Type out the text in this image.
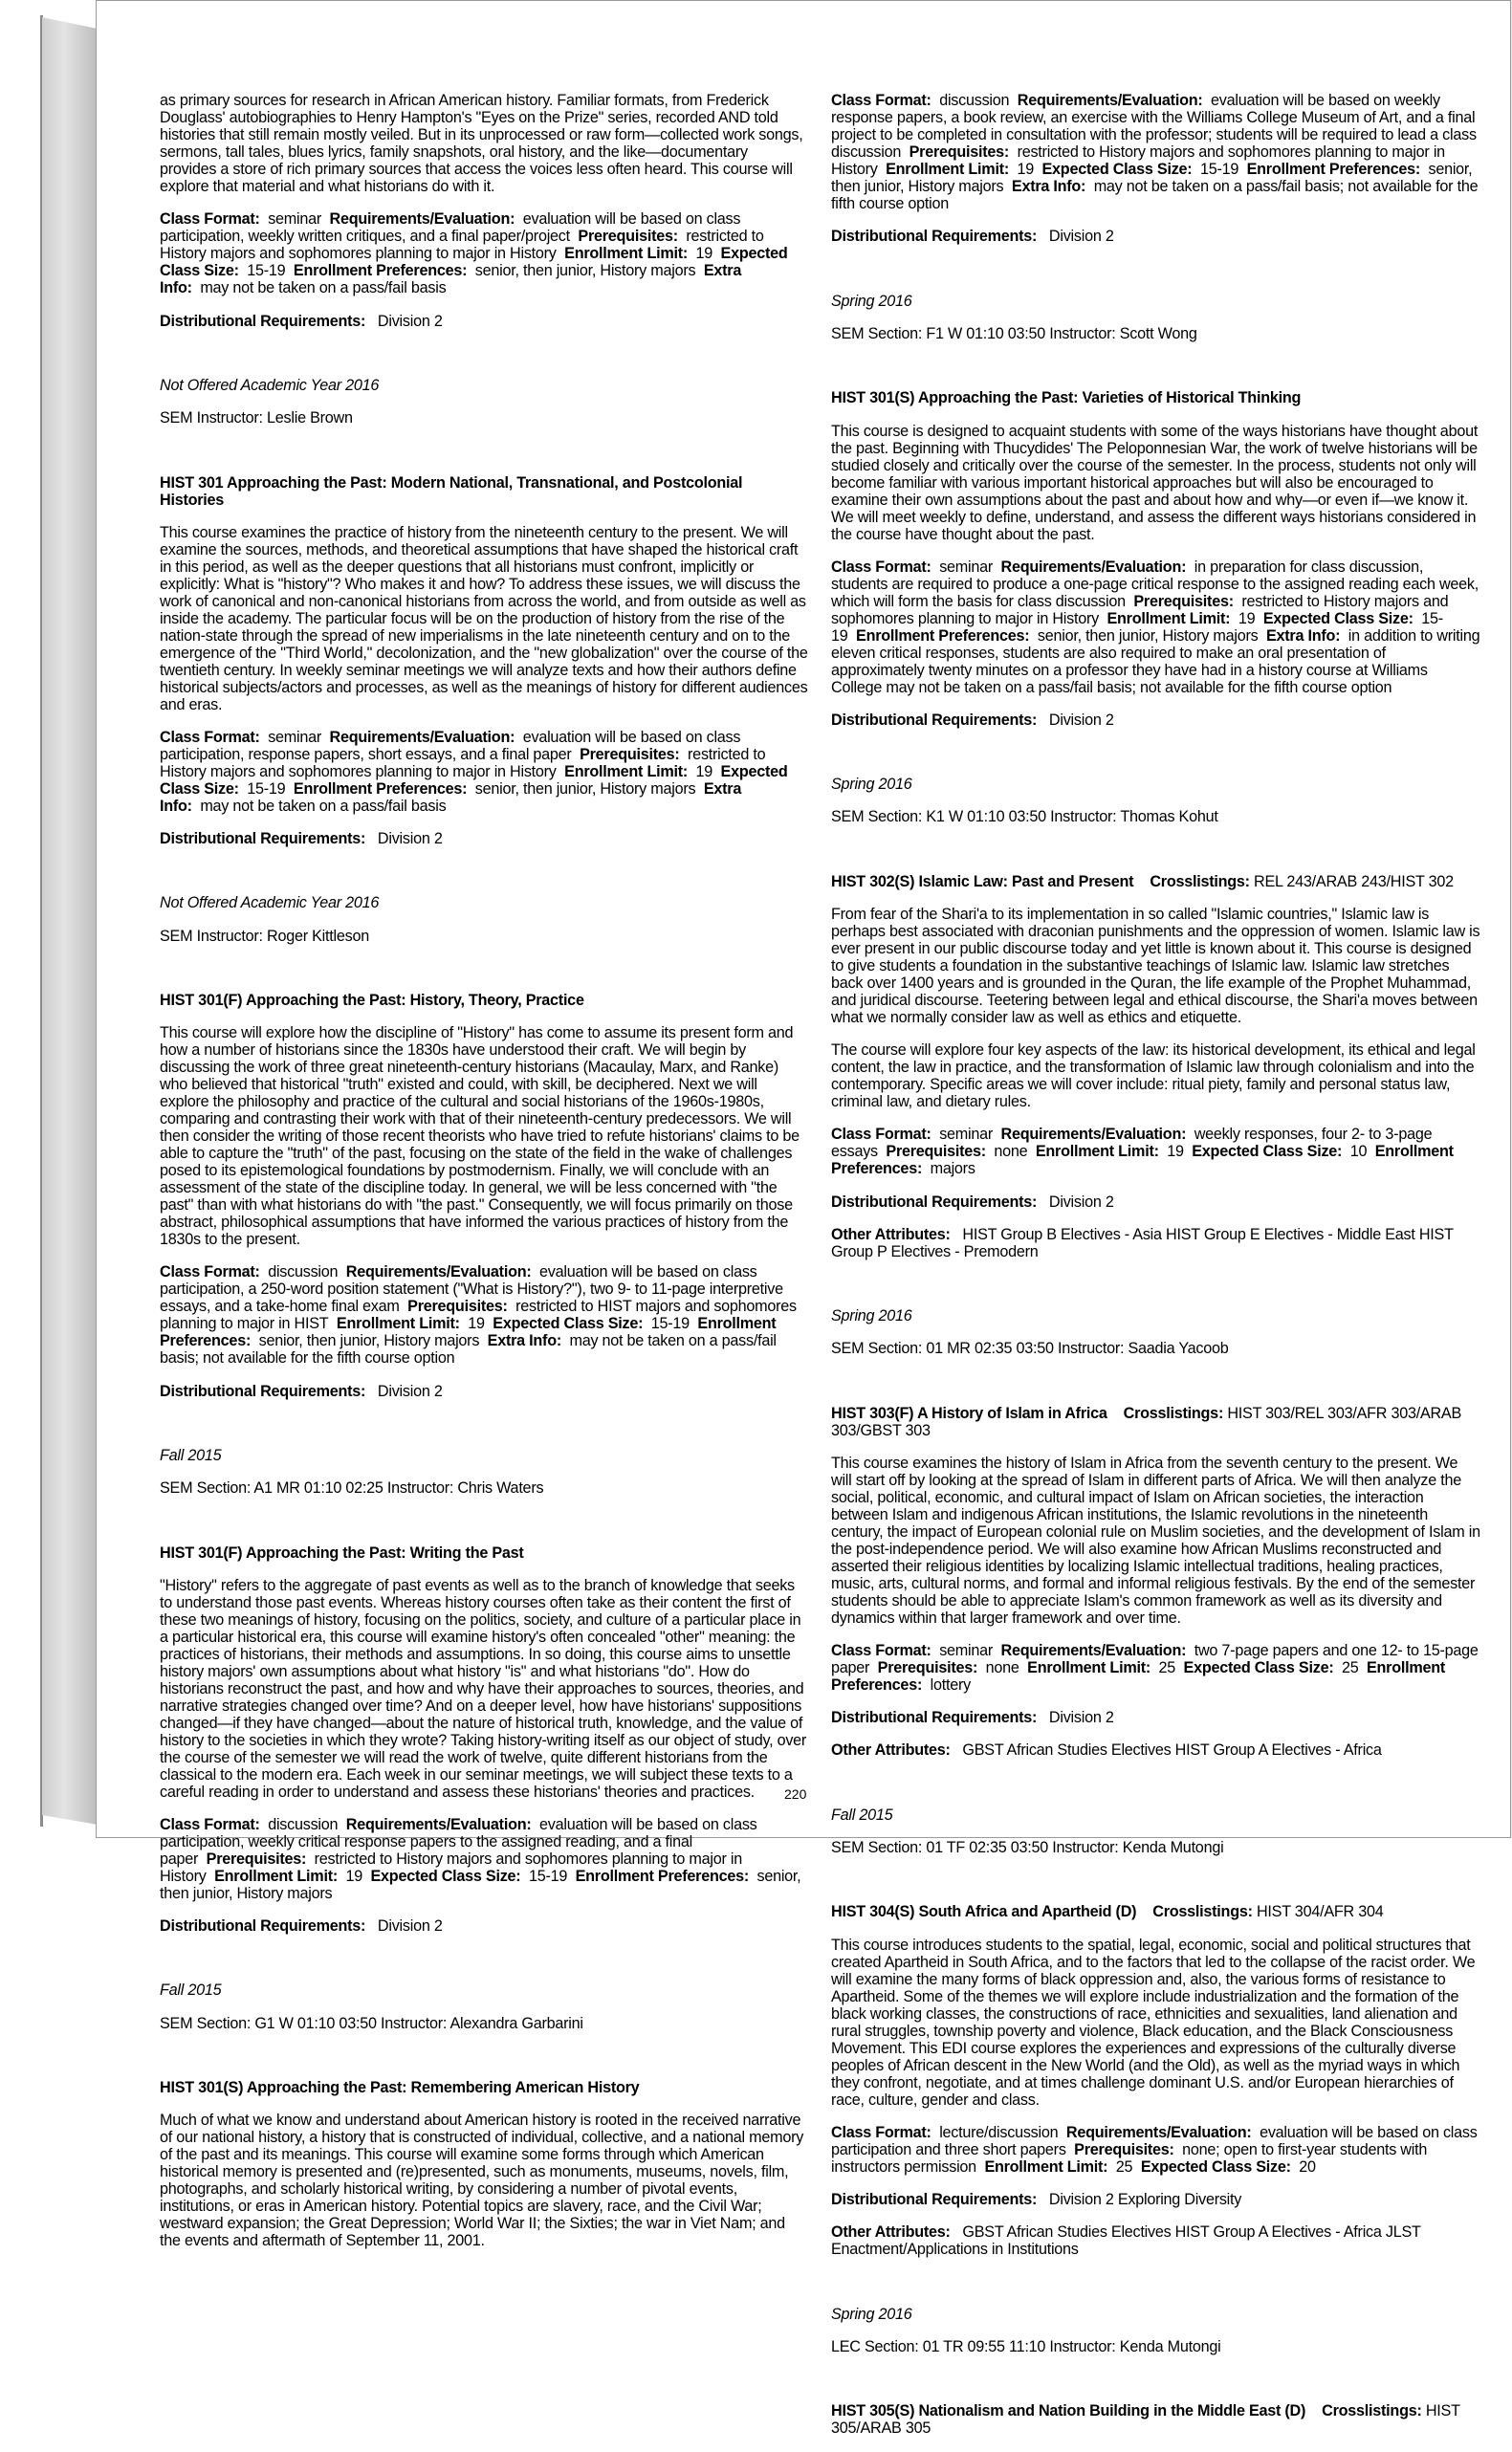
as primary sources for research in African American history. Familiar formats, from Frederick Douglass' autobiographies to Henry Hampton's "Eyes on the Prize" series, recorded AND told histories that still remain mostly veiled. But in its unprocessed or raw form—collected work songs, sermons, tall tales, blues lyrics, family snapshots, oral history, and the like—documentary provides a store of rich primary sources that access the voices less often heard. This course will explore that material and what historians do with it.

Class Format: seminar Requirements/Evaluation: evaluation will be based on class participation, weekly written critiques, and a final paper/project Prerequisites: restricted to History majors and sophomores planning to major in History Enrollment Limit: 19 Expected Class Size: 15-19 Enrollment Preferences: senior, then junior, History majors Extra Info: may not be taken on a pass/fail basis

Distributional Requirements: Division 2

Not Offered Academic Year 2016

SEM Instructor: Leslie Brown

HIST 301 Approaching the Past: Modern National, Transnational, and Postcolonial Histories

This course examines the practice of history from the nineteenth century to the present. We will examine the sources, methods, and theoretical assumptions that have shaped the historical craft in this period, as well as the deeper questions that all historians must confront, implicitly or explicitly: What is "history"? Who makes it and how? To address these issues, we will discuss the work of canonical and non-canonical historians from across the world, and from outside as well as inside the academy. The particular focus will be on the production of history from the rise of the nation-state through the spread of new imperialisms in the late nineteenth century and on to the emergence of the "Third World," decolonization, and the "new globalization" over the course of the twentieth century. In weekly seminar meetings we will analyze texts and how their authors define historical subjects/actors and processes, as well as the meanings of history for different audiences and eras.

Class Format: seminar Requirements/Evaluation: evaluation will be based on class participation, response papers, short essays, and a final paper Prerequisites: restricted to History majors and sophomores planning to major in History Enrollment Limit: 19 Expected Class Size: 15-19 Enrollment Preferences: senior, then junior, History majors Extra Info: may not be taken on a pass/fail basis

Distributional Requirements: Division 2

Not Offered Academic Year 2016

SEM Instructor: Roger Kittleson

HIST 301(F) Approaching the Past: History, Theory, Practice

This course will explore how the discipline of "History" has come to assume its present form and how a number of historians since the 1830s have understood their craft. We will begin by discussing the work of three great nineteenth-century historians (Macaulay, Marx, and Ranke) who believed that historical "truth" existed and could, with skill, be deciphered. Next we will explore the philosophy and practice of the cultural and social historians of the 1960s-1980s, comparing and contrasting their work with that of their nineteenth-century predecessors. We will then consider the writing of those recent theorists who have tried to refute historians' claims to be able to capture the "truth" of the past, focusing on the state of the field in the wake of challenges posed to its epistemological foundations by postmodernism. Finally, we will conclude with an assessment of the state of the discipline today. In general, we will be less concerned with "the past" than with what historians do with "the past." Consequently, we will focus primarily on those abstract, philosophical assumptions that have informed the various practices of history from the 1830s to the present.

Class Format: discussion Requirements/Evaluation: evaluation will be based on class participation, a 250-word position statement ("What is History?"), two 9- to 11-page interpretive essays, and a take-home final exam Prerequisites: restricted to HIST majors and sophomores planning to major in HIST Enrollment Limit: 19 Expected Class Size: 15-19 Enrollment Preferences: senior, then junior, History majors Extra Info: may not be taken on a pass/fail basis; not available for the fifth course option

Distributional Requirements: Division 2

Fall 2015

SEM Section: A1 MR 01:10 02:25 Instructor: Chris Waters

HIST 301(F) Approaching the Past: Writing the Past

"History" refers to the aggregate of past events as well as to the branch of knowledge that seeks to understand those past events. Whereas history courses often take as their content the first of these two meanings of history, focusing on the politics, society, and culture of a particular place in a particular historical era, this course will examine history's often concealed "other" meaning: the practices of historians, their methods and assumptions. In so doing, this course aims to unsettle history majors' own assumptions about what history "is" and what historians "do". How do historians reconstruct the past, and how and why have their approaches to sources, theories, and narrative strategies changed over time? And on a deeper level, how have historians' suppositions changed—if they have changed—about the nature of historical truth, knowledge, and the value of history to the societies in which they wrote? Taking history-writing itself as our object of study, over the course of the semester we will read the work of twelve, quite different historians from the classical to the modern era. Each week in our seminar meetings, we will subject these texts to a careful reading in order to understand and assess these historians' theories and practices.

Class Format: discussion Requirements/Evaluation: evaluation will be based on class participation, weekly critical response papers to the assigned reading, and a final paper Prerequisites: restricted to History majors and sophomores planning to major in History Enrollment Limit: 19 Expected Class Size: 15-19 Enrollment Preferences: senior, then junior, History majors

Distributional Requirements: Division 2

Fall 2015

SEM Section: G1 W 01:10 03:50 Instructor: Alexandra Garbarini

HIST 301(S) Approaching the Past: Remembering American History

Much of what we know and understand about American history is rooted in the received narrative of our national history, a history that is constructed of individual, collective, and a national memory of the past and its meanings. This course will examine some forms through which American historical memory is presented and (re)presented, such as monuments, museums, novels, film, photographs, and scholarly historical writing, by considering a number of pivotal events, institutions, or eras in American history. Potential topics are slavery, race, and the Civil War; westward expansion; the Great Depression; World War II; the Sixties; the war in Viet Nam; and the events and aftermath of September 11, 2001.

Class Format: discussion Requirements/Evaluation: evaluation will be based on weekly response papers, a book review, an exercise with the Williams College Museum of Art, and a final project to be completed in consultation with the professor; students will be required to lead a class discussion Prerequisites: restricted to History majors and sophomores planning to major in History Enrollment Limit: 19 Expected Class Size: 15-19 Enrollment Preferences: senior, then junior, History majors Extra Info: may not be taken on a pass/fail basis; not available for the fifth course option

Distributional Requirements: Division 2

Spring 2016

SEM Section: F1 W 01:10 03:50 Instructor: Scott Wong

HIST 301(S) Approaching the Past: Varieties of Historical Thinking

This course is designed to acquaint students with some of the ways historians have thought about the past. Beginning with Thucydides' The Peloponnesian War, the work of twelve historians will be studied closely and critically over the course of the semester. In the process, students not only will become familiar with various important historical approaches but will also be encouraged to examine their own assumptions about the past and about how and why—or even if—we know it. We will meet weekly to define, understand, and assess the different ways historians considered in the course have thought about the past.

Class Format: seminar Requirements/Evaluation: in preparation for class discussion, students are required to produce a one-page critical response to the assigned reading each week, which will form the basis for class discussion Prerequisites: restricted to History majors and sophomores planning to major in History Enrollment Limit: 19 Expected Class Size: 15-19 Enrollment Preferences: senior, then junior, History majors Extra Info: in addition to writing eleven critical responses, students are also required to make an oral presentation of approximately twenty minutes on a professor they have had in a history course at Williams College may not be taken on a pass/fail basis; not available for the fifth course option

Distributional Requirements: Division 2

Spring 2016

SEM Section: K1 W 01:10 03:50 Instructor: Thomas Kohut

HIST 302(S) Islamic Law: Past and Present Crosslistings: REL 243/ARAB 243/HIST 302

From fear of the Shari'a to its implementation in so called "Islamic countries," Islamic law is perhaps best associated with draconian punishments and the oppression of women. Islamic law is ever present in our public discourse today and yet little is known about it. This course is designed to give students a foundation in the substantive teachings of Islamic law. Islamic law stretches back over 1400 years and is grounded in the Quran, the life example of the Prophet Muhammad, and juridical discourse. Teetering between legal and ethical discourse, the Shari'a moves between what we normally consider law as well as ethics and etiquette.

The course will explore four key aspects of the law: its historical development, its ethical and legal content, the law in practice, and the transformation of Islamic law through colonialism and into the contemporary. Specific areas we will cover include: ritual piety, family and personal status law, criminal law, and dietary rules.

Class Format: seminar Requirements/Evaluation: weekly responses, four 2- to 3-page essays Prerequisites: none Enrollment Limit: 19 Expected Class Size: 10 Enrollment Preferences: majors

Distributional Requirements: Division 2

Other Attributes: HIST Group B Electives - Asia HIST Group E Electives - Middle East HIST Group P Electives - Premodern

Spring 2016

SEM Section: 01 MR 02:35 03:50 Instructor: Saadia Yacoob

HIST 303(F) A History of Islam in Africa Crosslistings: HIST 303/REL 303/AFR 303/ARAB 303/GBST 303

This course examines the history of Islam in Africa from the seventh century to the present. We will start off by looking at the spread of Islam in different parts of Africa. We will then analyze the social, political, economic, and cultural impact of Islam on African societies, the interaction between Islam and indigenous African institutions, the Islamic revolutions in the nineteenth century, the impact of European colonial rule on Muslim societies, and the development of Islam in the post-independence period. We will also examine how African Muslims reconstructed and asserted their religious identities by localizing Islamic intellectual traditions, healing practices, music, arts, cultural norms, and formal and informal religious festivals. By the end of the semester students should be able to appreciate Islam's common framework as well as its diversity and dynamics within that larger framework and over time.

Class Format: seminar Requirements/Evaluation: two 7-page papers and one 12- to 15-page paper Prerequisites: none Enrollment Limit: 25 Expected Class Size: 25 Enrollment Preferences: lottery

Distributional Requirements: Division 2

Other Attributes: GBST African Studies Electives HIST Group A Electives - Africa

Fall 2015

SEM Section: 01 TF 02:35 03:50 Instructor: Kenda Mutongi

HIST 304(S) South Africa and Apartheid (D) Crosslistings: HIST 304/AFR 304

This course introduces students to the spatial, legal, economic, social and political structures that created Apartheid in South Africa, and to the factors that led to the collapse of the racist order. We will examine the many forms of black oppression and, also, the various forms of resistance to Apartheid. Some of the themes we will explore include industrialization and the formation of the black working classes, the constructions of race, ethnicities and sexualities, land alienation and rural struggles, township poverty and violence, Black education, and the Black Consciousness Movement. This EDI course explores the experiences and expressions of the culturally diverse peoples of African descent in the New World (and the Old), as well as the myriad ways in which they confront, negotiate, and at times challenge dominant U.S. and/or European hierarchies of race, culture, gender and class.

Class Format: lecture/discussion Requirements/Evaluation: evaluation will be based on class participation and three short papers Prerequisites: none; open to first-year students with instructors permission Enrollment Limit: 25 Expected Class Size: 20

Distributional Requirements: Division 2 Exploring Diversity

Other Attributes: GBST African Studies Electives HIST Group A Electives - Africa JLST Enactment/Applications in Institutions

Spring 2016

LEC Section: 01 TR 09:55 11:10 Instructor: Kenda Mutongi

HIST 305(S) Nationalism and Nation Building in the Middle East (D) Crosslistings: HIST 305/ARAB 305

220
